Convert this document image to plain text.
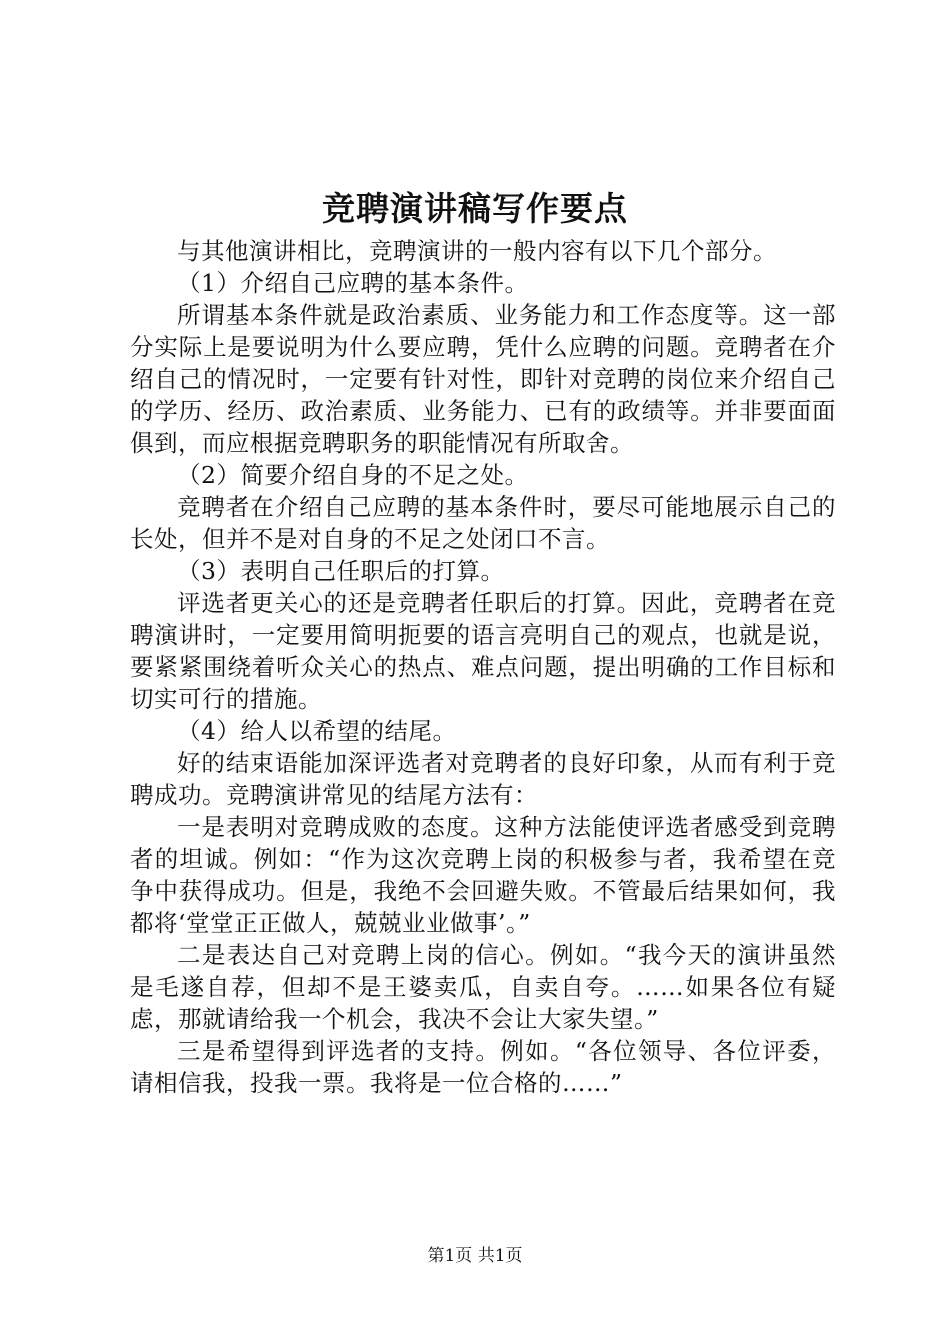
竞聘演讲稿写作要点

与其他演讲相比，竞聘演讲的一般内容有以下几个部分。

（1）介绍自己应聘的基本条件。

所谓基本条件就是政治素质、业务能力和工作态度等。这一部分实际上是要说明为什么要应聘，凭什么应聘的问题。竞聘者在介绍自己的情况时，一定要有针对性，即针对竞聘的岗位来介绍自己的学历、经历、政治素质、业务能力、已有的政绩等。并非要面面俱到，而应根据竞聘职务的职能情况有所取舍。

（2）简要介绍自身的不足之处。

竞聘者在介绍自己应聘的基本条件时，要尽可能地展示自己的长处，但并不是对自身的不足之处闭口不言。

（3）表明自己任职后的打算。

评选者更关心的还是竞聘者任职后的打算。因此，竞聘者在竞聘演讲时，一定要用简明扼要的语言亮明自己的观点，也就是说，要紧紧围绕着听众关心的热点、难点问题，提出明确的工作目标和切实可行的措施。

（4）给人以希望的结尾。

好的结束语能加深评选者对竞聘者的良好印象，从而有利于竞聘成功。竞聘演讲常见的结尾方法有：

一是表明对竞聘成败的态度。这种方法能使评选者感受到竞聘者的坦诚。例如：“作为这次竞聘上岗的积极参与者，我希望在竞争中获得成功。但是，我绝不会回避失败。不管最后结果如何，我都将‘堂堂正正做人，兢兢业业做事’。”

二是表达自己对竞聘上岗的信心。例如。“我今天的演讲虽然是毛遂自荐，但却不是王婆卖瓜，自卖自夸。……如果各位有疑虑，那就请给我一个机会，我决不会让大家失望。”

三是希望得到评选者的支持。例如。“各位领导、各位评委，请相信我，投我一票。我将是一位合格的……”

第1页 共1页
